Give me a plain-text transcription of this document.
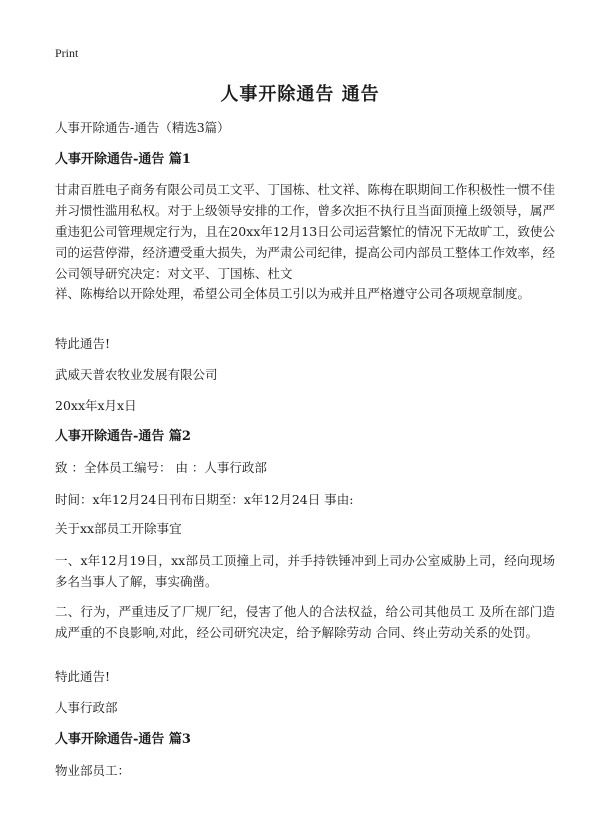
Print
人事开除通告 通告

人事开除通告-通告（精选3篇）

人事开除通告-通告 篇1

甘肃百胜电子商务有限公司员工文平、丁国栋、杜文祥、陈梅在职期间工作积极性一惯不佳并习惯性滥用私权。对于上级领导安排的工作，曾多次拒不执行且当面顶撞上级领导，属严重违犯公司管理规定行为，且在20xx年12月13日公司运营繁忙的情况下无故旷工，致使公司的运营停滞，经济遭受重大损失，为严肃公司纪律，提高公司内部员工整体工作效率，经公司领导研究决定：对文平、丁国栋、杜文

祥、陈梅给以开除处理，希望公司全体员工引以为戒并且严格遵守公司各项规章制度。

特此通告!

武威天普农牧业发展有限公司

20xx年x月x日

人事开除通告-通告 篇2

致 ：全体员工编号： 由 ：人事行政部

时间：x年12月24日刊布日期至：x年12月24日 事由:

关于xx部员工开除事宜

一、x年12月19日，xx部员工顶撞上司，并手持铁锤冲到上司办公室威胁上司，经向现场多名当事人了解，事实确凿。

二、行为，严重违反了厂规厂纪，侵害了他人的合法权益，给公司其他员工 及所在部门造成严重的不良影响,对此，经公司研究决定，给予解除劳动 合同、终止劳动关系的处罚。

特此通告!

人事行政部

人事开除通告-通告 篇3

物业部员工：
